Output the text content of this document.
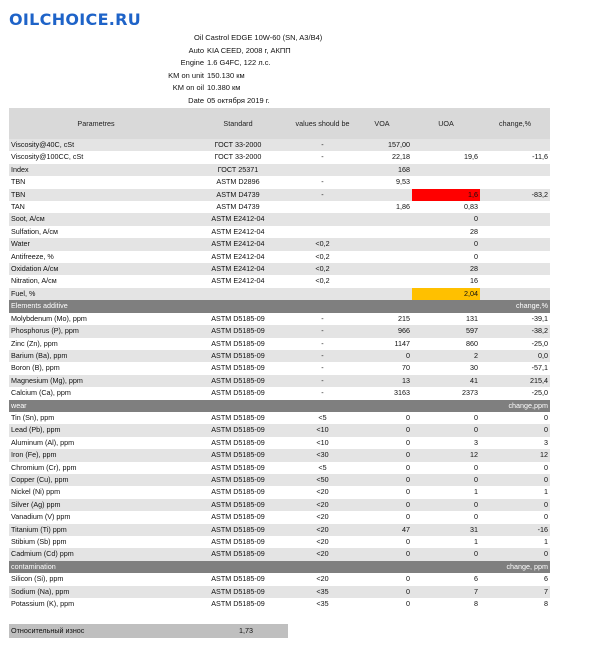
OILCHOICE.RU
Oil Castrol EDGE 10W-60 (SN, A3/B4)
Auto KIA CEED, 2008 г, АКПП
Engine 1.6 G4FC, 122 л.с.
KM on unit 150.130 км
KM on oil 10.380 км
Date 05 октября 2019 г.
Parametres	Standard	values should be	VOA	UOA	change,%
Viscosity@40C, cSt	ГОСТ 33-2000	-	157,00		
Viscosity@100CC, cSt	ГОСТ 33-2000	-	22,18	19,6	-11,6
Index	ГОСТ 25371		168		
TBN	ASTM D2896	-	9,53		
TBN	ASTM D4739	-		1,6	-83,2
TAN	ASTM D4739		1,86	0,83	
Soot, A/см	ASTM E2412-04			0	
Sulfation, A/см	ASTM E2412-04			28	
Water	ASTM E2412-04	<0,2		0	
Antifreeze, %	ASTM E2412-04	<0,2		0	
Oxidation A/см	ASTM E2412-04	<0,2		28	
Nitration, A/см	ASTM E2412-04	<0,2		16	
Fuel, %				2,04	
Elements additive					change,%
Molybdenum (Mo), ppm	ASTM D5185-09	-	215	131	-39,1
Phosphorus (P), ppm	ASTM D5185-09	-	966	597	-38,2
Zinc (Zn), ppm	ASTM D5185-09	-	1147	860	-25,0
Barium (Ba), ppm	ASTM D5185-09	-	0	2	0,0
Boron (B), ppm	ASTM D5185-09	-	70	30	-57,1
Magnesium (Mg), ppm	ASTM D5185-09	-	13	41	215,4
Calcium (Ca), ppm	ASTM D5185-09	-	3163	2373	-25,0
wear					change,ppm
Tin (Sn), ppm	ASTM D5185-09	<5	0	0	0
Lead (Pb), ppm	ASTM D5185-09	<10	0	0	0
Aluminum (Al), ppm	ASTM D5185-09	<10	0	3	3
Iron (Fe), ppm	ASTM D5185-09	<30	0	12	12
Chromium (Cr), ppm	ASTM D5185-09	<5	0	0	0
Copper (Cu), ppm	ASTM D5185-09	<50	0	0	0
Nickel (Ni) ppm	ASTM D5185-09	<20	0	1	1
Silver (Ag) ppm	ASTM D5185-09	<20	0	0	0
Vanadium (V) ppm	ASTM D5185-09	<20	0	0	0
Titanium (Ti) ppm	ASTM D5185-09	<20	47	31	-16
Stibium (Sb) ppm	ASTM D5185-09	<20	0	1	1
Cadmium (Cd) ppm	ASTM D5185-09	<20	0	0	0
contamination					change, ppm
Silicon (Si), ppm	ASTM D5185-09	<20	0	6	6
Sodium (Na), ppm	ASTM D5185-09	<35	0	7	7
Potassium (K), ppm	ASTM D5185-09	<35	0	8	8
Относительный износ	1,73
